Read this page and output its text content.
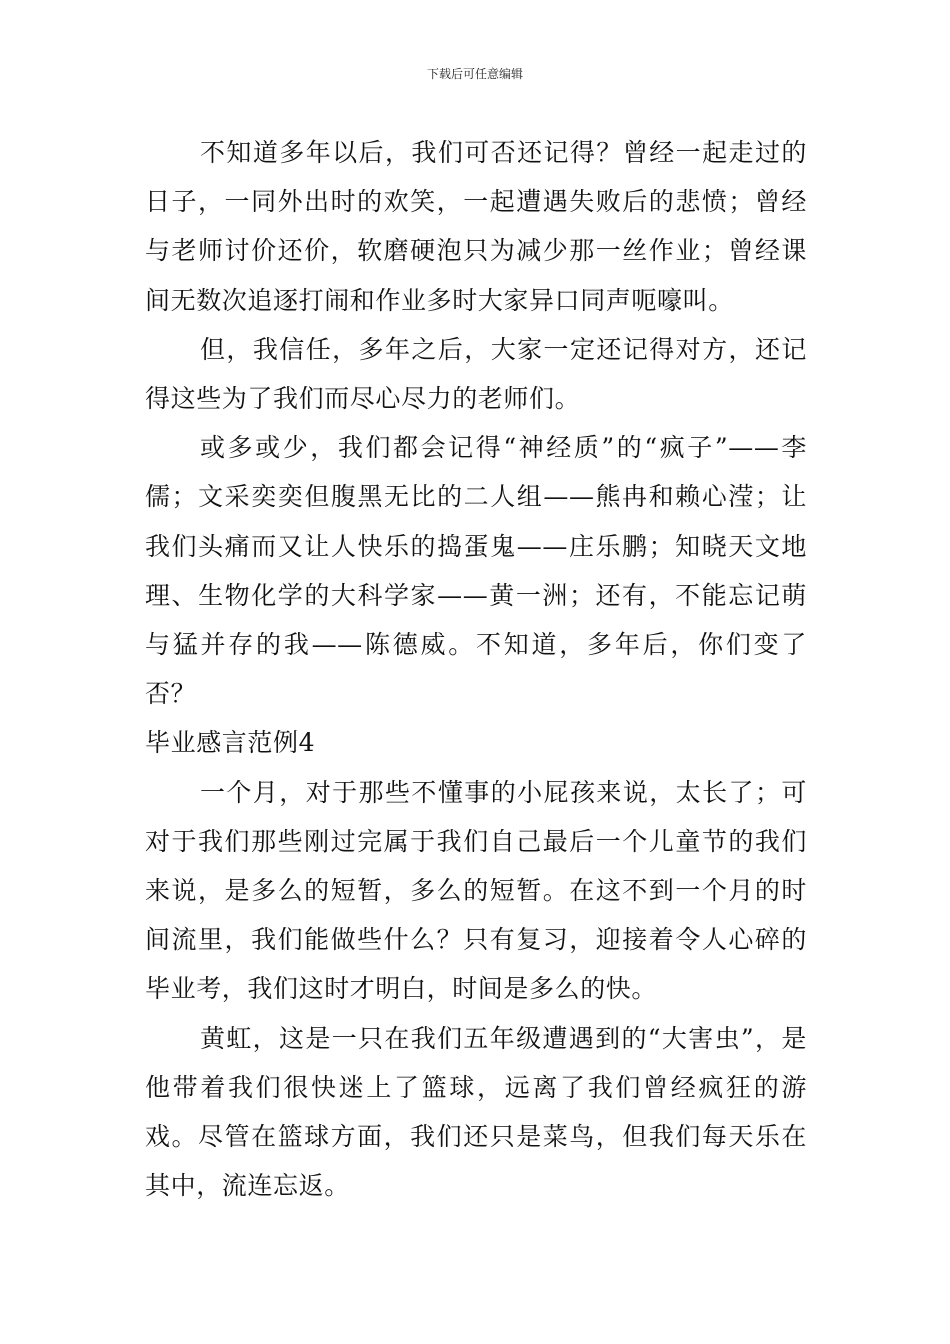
下载后可任意编辑

不知道多年以后，我们可否还记得？曾经一起走过的日子，一同外出时的欢笑，一起遭遇失败后的悲愤；曾经与老师讨价还价，软磨硬泡只为减少那一丝作业；曾经课间无数次追逐打闹和作业多时大家异口同声呃嚎叫。

但，我信任，多年之后，大家一定还记得对方，还记得这些为了我们而尽心尽力的老师们。

或多或少，我们都会记得“神经质”的“疯子”——李儒；文采奕奕但腹黑无比的二人组——熊冉和赖心滢；让我们头痛而又让人快乐的捣蛋鬼——庄乐鹏；知晓天文地理、生物化学的大科学家——黄一洲；还有，不能忘记萌与猛并存的我——陈德威。不知道，多年后，你们变了否？

毕业感言范例4

一个月，对于那些不懂事的小屁孩来说，太长了；可对于我们那些刚过完属于我们自己最后一个儿童节的我们来说，是多么的短暂，多么的短暂。在这不到一个月的时间流里，我们能做些什么？只有复习，迎接着令人心碎的毕业考，我们这时才明白，时间是多么的快。

黄虹，这是一只在我们五年级遭遇到的“大害虫”，是他带着我们很快迷上了篮球，远离了我们曾经疯狂的游戏。尽管在篮球方面，我们还只是菜鸟，但我们每天乐在其中，流连忘返。
